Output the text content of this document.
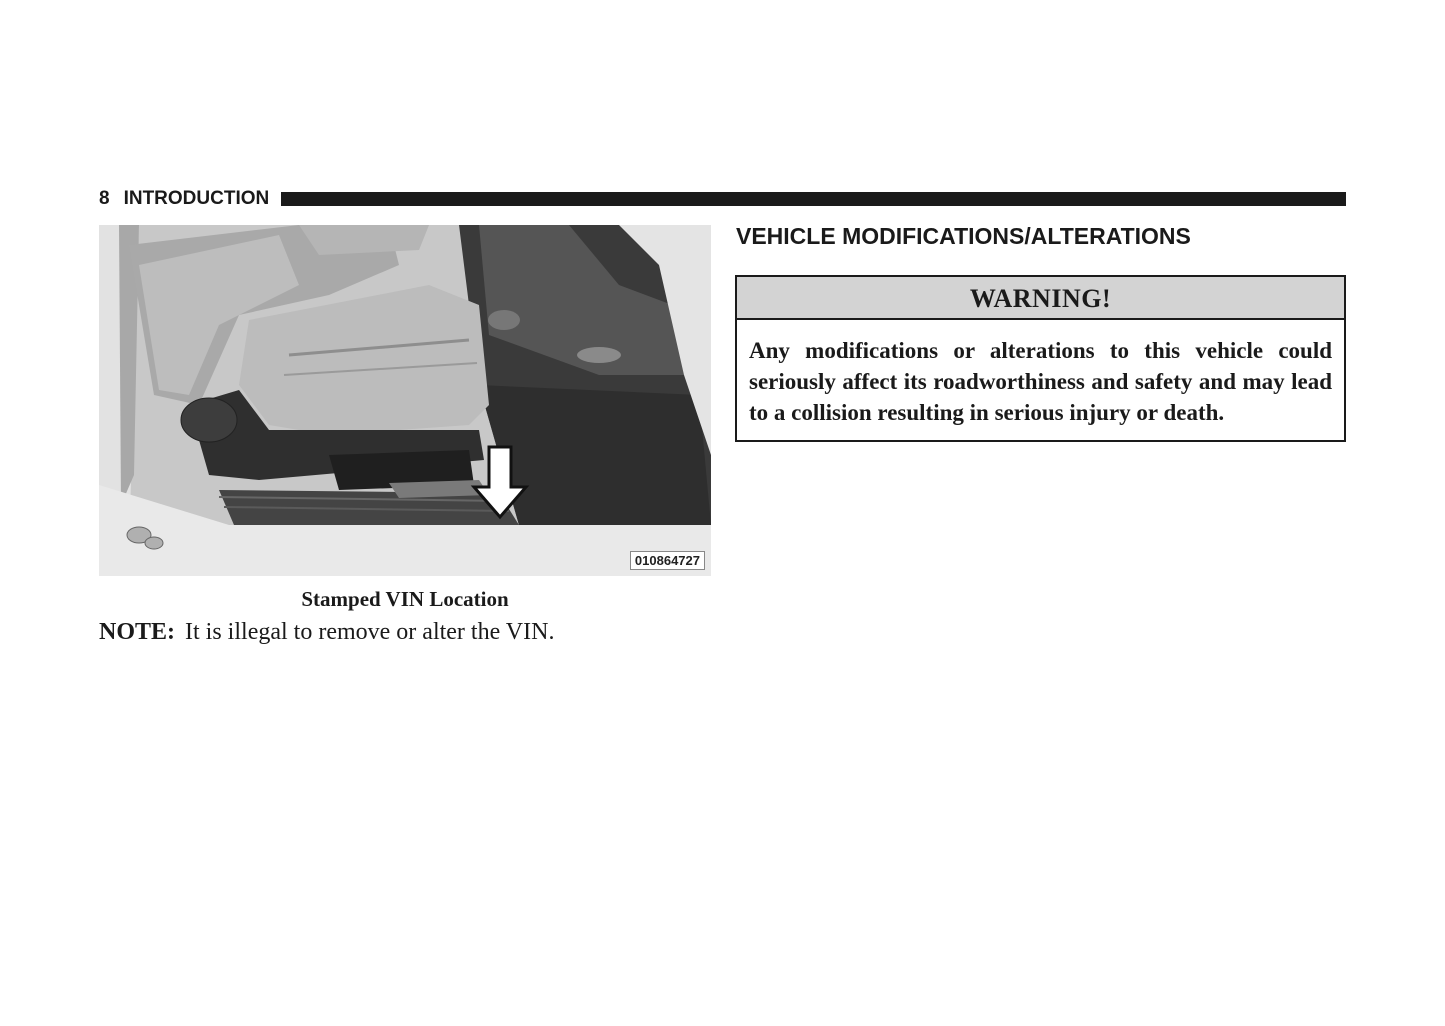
8 INTRODUCTION
010864727
Stamped VIN Location
NOTE: It is illegal to remove or alter the VIN.
VEHICLE MODIFICATIONS/ALTERATIONS
WARNING!
Any modifications or alterations to this vehicle could seriously affect its roadworthiness and safety and may lead to a collision resulting in serious injury or death.
